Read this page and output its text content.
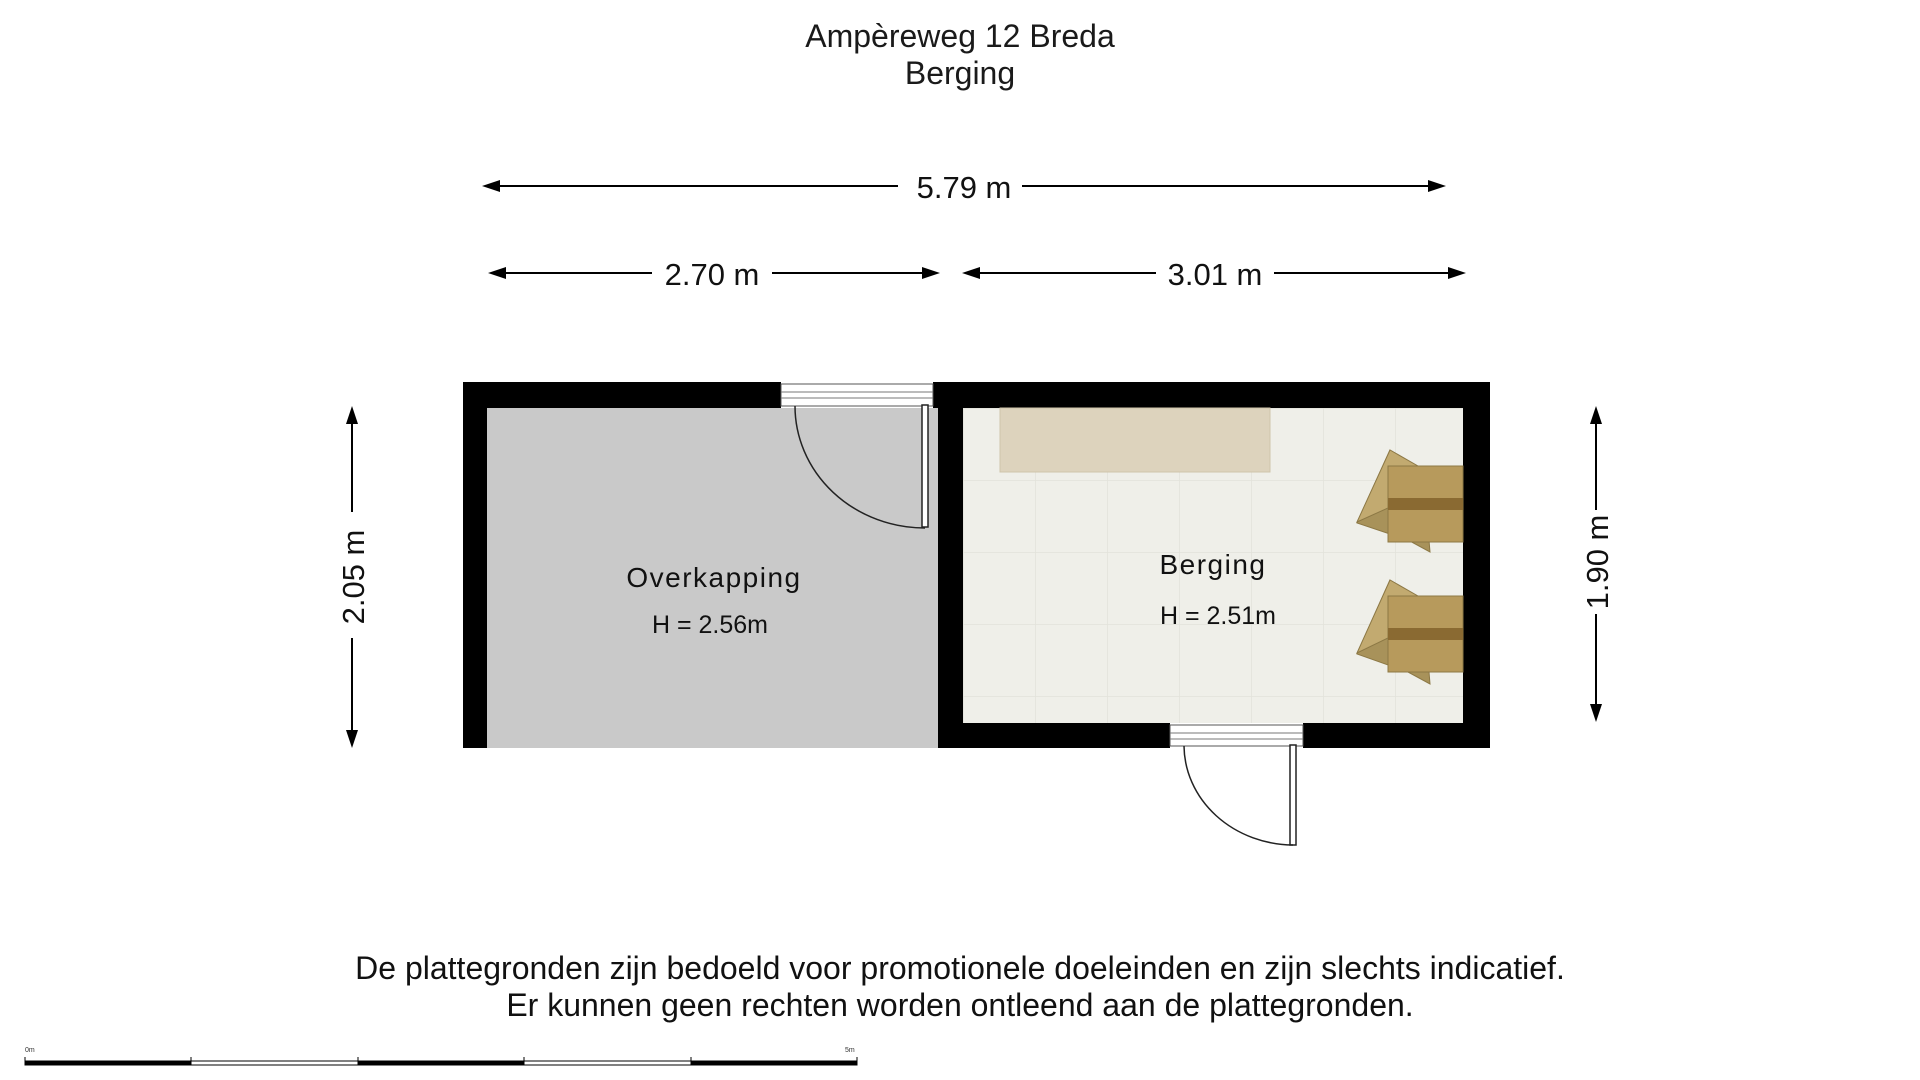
Ampèreweg 12 Breda
Berging
5.79 m
2.70 m	3.01 m
2.05 m	1.90 m
Overkapping
H = 2.56m
Berging
H = 2.51m
0m	5m
De plattegronden zijn bedoeld voor promotionele doeleinden en zijn slechts indicatief.
Er kunnen geen rechten worden ontleend aan de plattegronden.
